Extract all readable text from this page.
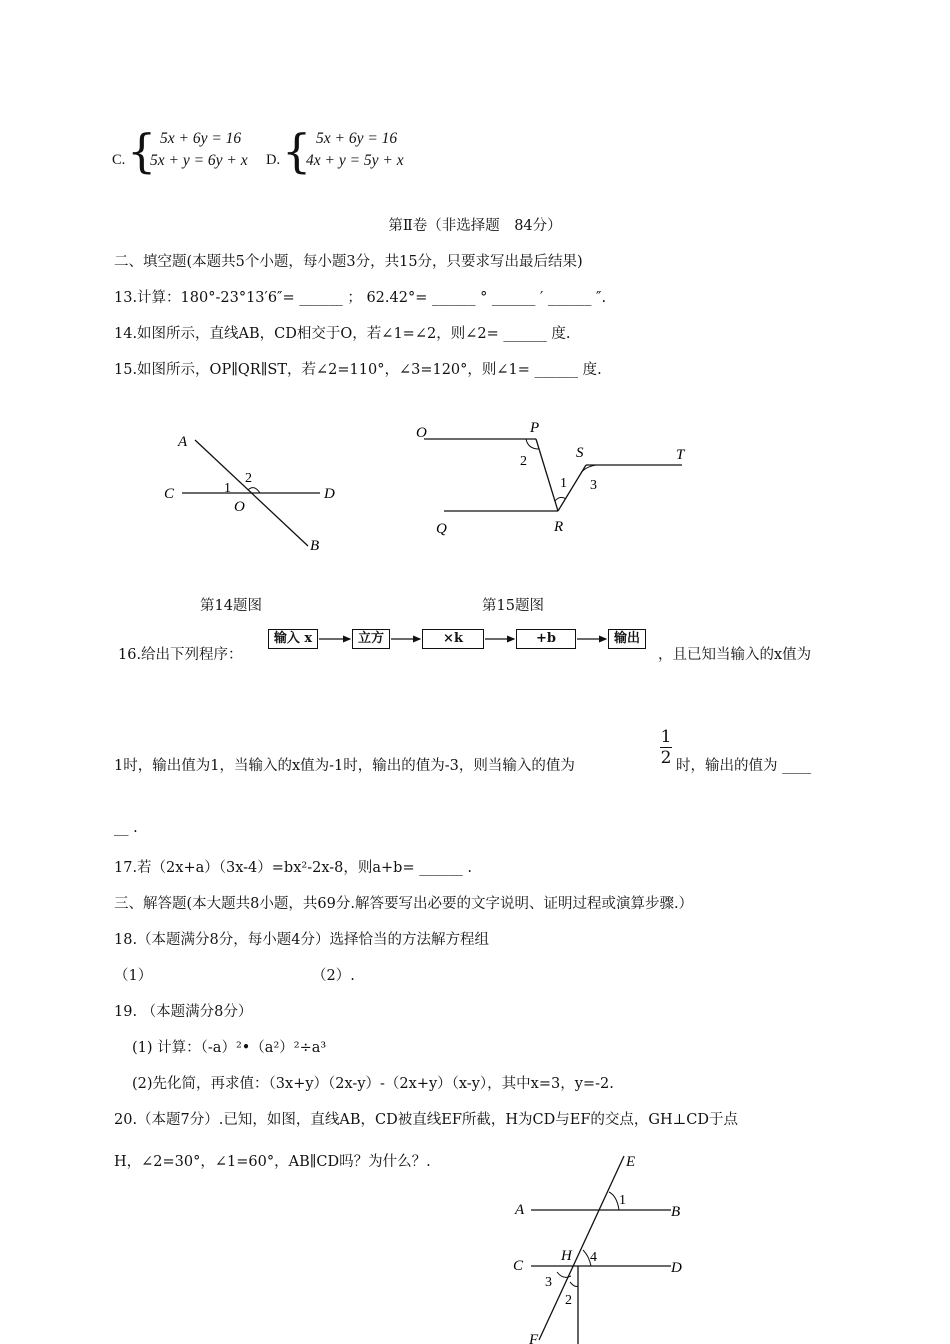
C. { 5x + 6y = 16
5x + y = 6y + x D. { 5x + 6y = 16
4x + y = 5y + x
第Ⅱ卷（非选择题　84分）
二、填空题(本题共5个小题，每小题3分，共15分，只要求写出最后结果)
13.计算：180°-23°13′6″= ______ ； 62.42°= ______ ° ______ ′ ______ ″.
14.如图所示，直线AB，CD相交于O，若∠1=∠2，则∠2= ______ 度.
15.如图所示，OP∥QR∥ST，若∠2=110°，∠3=120°，则∠1= ______ 度.
A
B
C	D
O
1
2
O	P
Q	R
S	T
1
2
3
第14题图	第15题图
16.给出下列程序：
输入 x	立方	×k	+b	输出
，且已知当输入的x值为
1时，输出值为1，当输入的x值为-1时，输出的值为-3，则当输入的值为
1
2 时，输出的值为 ____
__ .
17.若（2x+a）（3x-4）=bx²-2x-8，则a+b= ______ .
三、解答题(本大题共8小题，共69分.解答要写出必要的文字说明、证明过程或演算步骤.）
18.（本题满分8分，每小题4分）选择恰当的方法解方程组
（1）	（2）.
19. （本题满分8分）
(1) 计算：（-a）²•（a²）²÷a³
(2)先化简，再求值：（3x+y）（2x-y）-（2x+y）（x-y），其中x=3，y=-2.
20.（本题7分）.已知，如图，直线AB，CD被直线EF所截，H为CD与EF的交点，GH⊥CD于点
H，∠2=30°，∠1=60°，AB∥CD吗？为什么？.	E
A	B
C	D
H
F
1
4
3
2
